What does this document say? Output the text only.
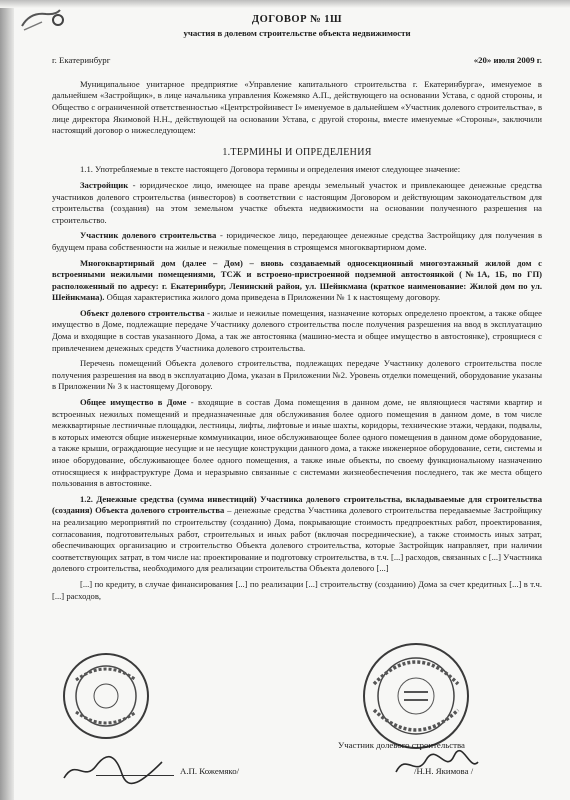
ДОГОВОР № 1Ш
участия в долевом строительстве объекта недвижимости
г. Екатеринбург	«20» июля 2009 г.

Муниципальное унитарное предприятие «Управление капитального строительства г. Екатеринбурга», именуемое в дальнейшем «Застройщик», в лице начальника управления Кожемяко А.П., действующего на основании Устава, с одной стороны, и Общество с ограниченной ответственностью «Центрстройинвест I» именуемое в дальнейшем «Участник долевого строительства», в лице директора Якимовой Н.Н., действующей на основании Устава, с другой стороны, вместе именуемые «Стороны», заключили настоящий договор о нижеследующем:

1.ТЕРМИНЫ И ОПРЕДЕЛЕНИЯ

1.1. Употребляемые в тексте настоящего Договора термины и определения имеют следующее значение:

Застройщик - юридическое лицо, имеющее на праве аренды земельный участок и привлекающее денежные средства участников долевого строительства (инвесторов) в соответствии с настоящим Договором и действующим законодательством для строительства (создания) на этом земельном участке объекта недвижимости на основании полученного разрешения на строительство.

Участник долевого строительства - юридическое лицо, передающее денежные средства Застройщику для получения в будущем права собственности на жилые и нежилые помещения в строящемся многоквартирном доме.

Многоквартирный дом (далее – Дом) – вновь создаваемый односекционный многоэтажный жилой дом с встроенными нежилыми помещениями, ТСЖ и встроено-пристроенной подземной автостоянкой (№1А, 1Б, по ГП) расположенный по адресу: г. Екатеринбург, Ленинский район, ул. Шейнкмана (краткое наименование: Жилой дом по ул. Шейнкмана). Общая характеристика жилого дома приведена в Приложении № 1 к настоящему договору.

Объект долевого строительства - жилые и нежилые помещения, назначение которых определено проектом, а также общее имущество в Доме, подлежащие передаче Участнику долевого строительства после получения разрешения на ввод в эксплуатацию Дома и входящие в состав указанного Дома, а так же автостоянка (машино-места и общее имущество в автостоянке), строящиеся с привлечением денежных средств Участника долевого строительства.

Перечень помещений Объекта долевого строительства, подлежащих передаче Участнику долевого строительства после получения разрешения на ввод в эксплуатацию Дома, указан в Приложении №2. Уровень отделки помещений, оборудование указаны в Приложении № 3 к настоящему Договору.

Общее имущество в Доме - входящие в состав Дома помещения в данном доме, не являющиеся частями квартир и встроенных нежилых помещений и предназначенные для обслуживания более одного помещения в данном доме, в том числе межквартирные лестничные площадки, лестницы, лифты, лифтовые и иные шахты, коридоры, технические этажи, чердаки, подвалы, в которых имеются общие инженерные коммуникации, иное обслуживающее более одного помещения в данном доме оборудование, а также крыши, ограждающие несущие и не несущие конструкции данного дома, а также инженерное оборудование, сети, системы и иное оборудование, обслуживающее более одного помещения, а также иные объекты, по своему функциональному назначению относящиеся к инфраструктуре Дома и неразрывно связанные с системами жизнеобеспечения последнего, так же места общего пользования в автостоянке.

1.2. Денежные средства (сумма инвестиций) Участника долевого строительства, вкладываемые для строительства (создания) Объекта долевого строительства – денежные средства Участника долевого строительства передаваемые Застройщику на реализацию мероприятий по строительству (созданию) Дома, покрывающие стоимость предпроектных работ, проектирования, согласования, подготовительных работ, строительных и иных работ (включая посреднические), а также стоимость иных затрат, обеспечивающих организацию и строительство Объекта долевого строительства, которые Застройщик направляет, при наличии соответствующих затрат, в том числе на: проектирование и подготовку строительства, в т.ч. [...] расходов, связанных с [...] Участника долевого строительства, необходимого для реализации строительства Объекта долевого [...]

[...] по кредиту, в случае финансирования [...] по реализации [...] строительству (созданию) Дома за счет кредитных [...] в т.ч. [...] расходов,

Участник долевого строительства
А.П. Кожемяко/	/Н.Н. Якимова /
